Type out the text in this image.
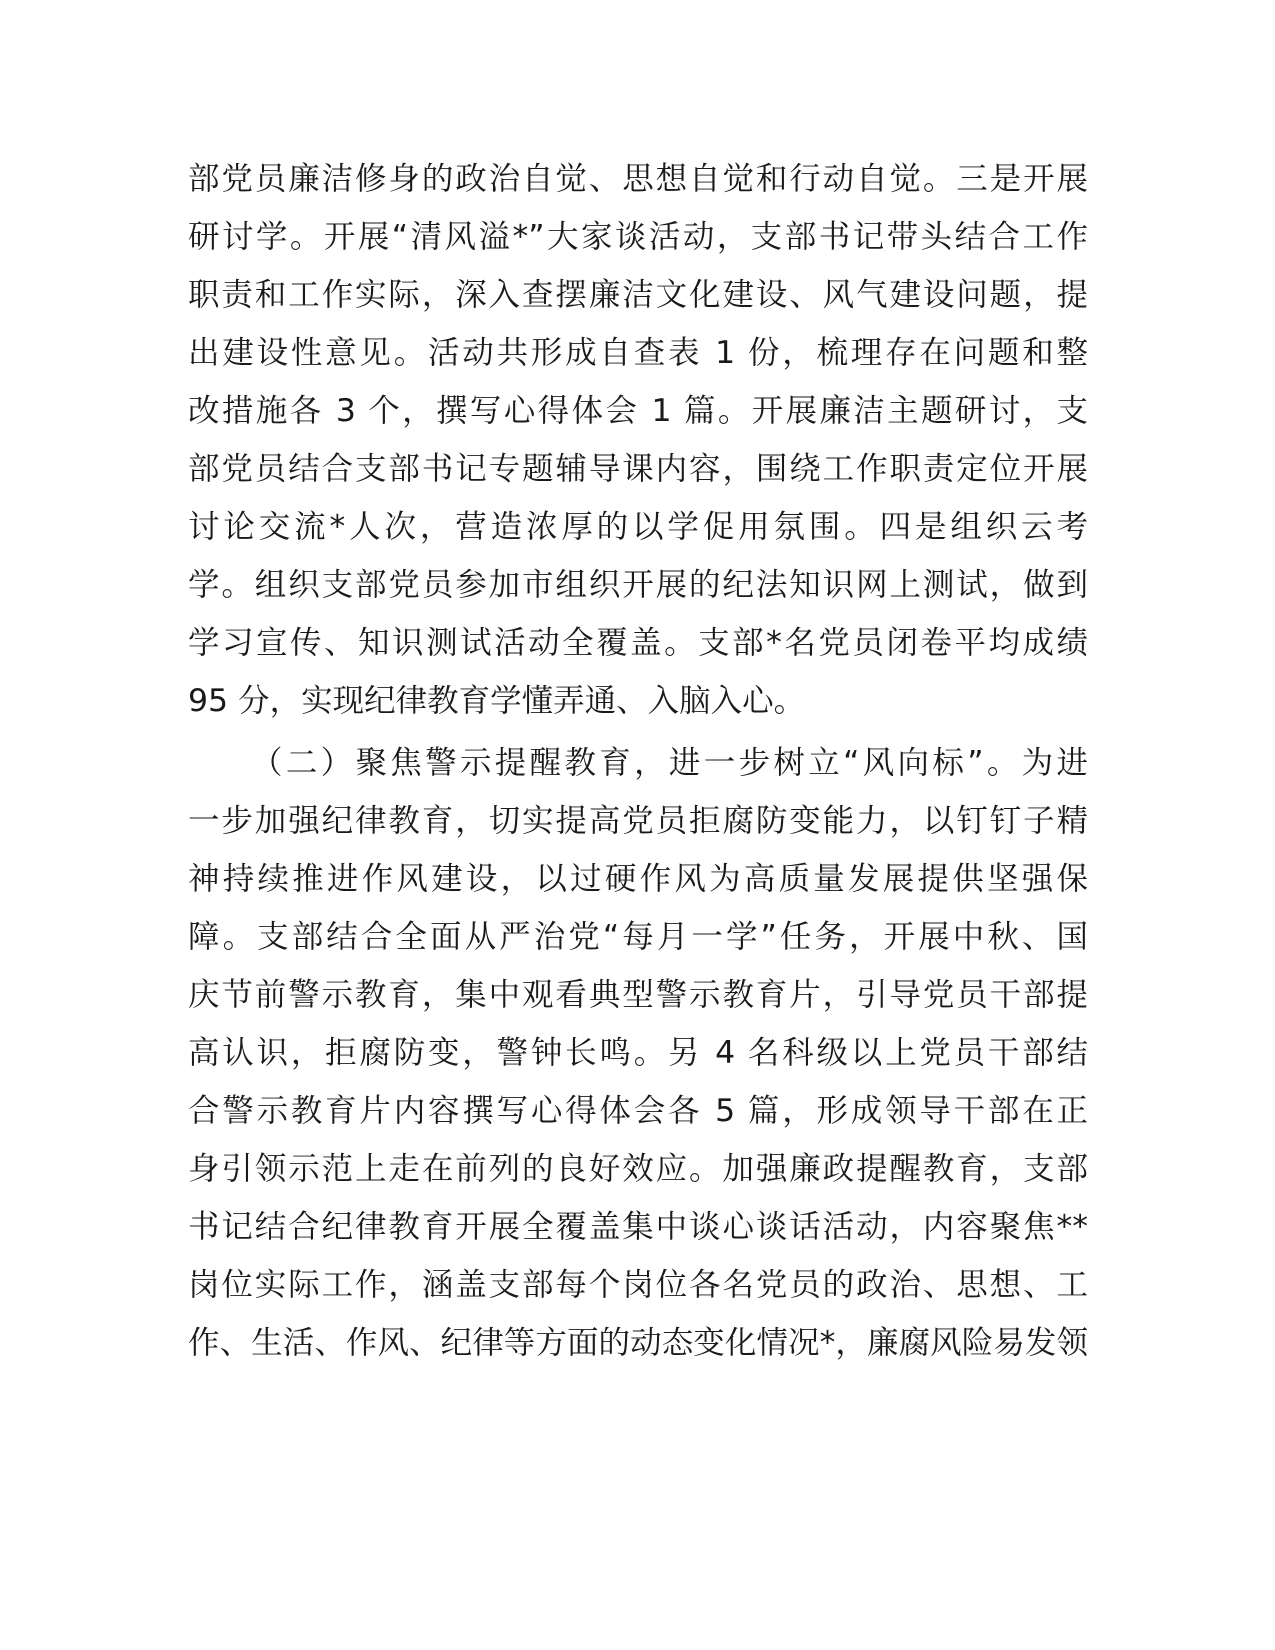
部党员廉洁修身的政治自觉、思想自觉和行动自觉。三是开展
研讨学。开展“清风溢*”大家谈活动，支部书记带头结合工作
职责和工作实际，深入查摆廉洁文化建设、风气建设问题，提
出建设性意见。活动共形成自查表 1 份，梳理存在问题和整
改措施各 3 个，撰写心得体会 1 篇。开展廉洁主题研讨，支
部党员结合支部书记专题辅导课内容，围绕工作职责定位开展
讨论交流*人次，营造浓厚的以学促用氛围。四是组织云考
学。组织支部党员参加市组织开展的纪法知识网上测试，做到
学习宣传、知识测试活动全覆盖。支部*名党员闭卷平均成绩
95 分，实现纪律教育学懂弄通、入脑入心。
（二）聚焦警示提醒教育，进一步树立“风向标”。为进
一步加强纪律教育，切实提高党员拒腐防变能力，以钉钉子精
神持续推进作风建设，以过硬作风为高质量发展提供坚强保
障。支部结合全面从严治党“每月一学”任务，开展中秋、国
庆节前警示教育，集中观看典型警示教育片，引导党员干部提
高认识，拒腐防变，警钟长鸣。另 4 名科级以上党员干部结
合警示教育片内容撰写心得体会各 5 篇，形成领导干部在正
身引领示范上走在前列的良好效应。加强廉政提醒教育，支部
书记结合纪律教育开展全覆盖集中谈心谈话活动，内容聚焦**
岗位实际工作，涵盖支部每个岗位各名党员的政治、思想、工
作、生活、作风、纪律等方面的动态变化情况*，廉腐风险易发领
